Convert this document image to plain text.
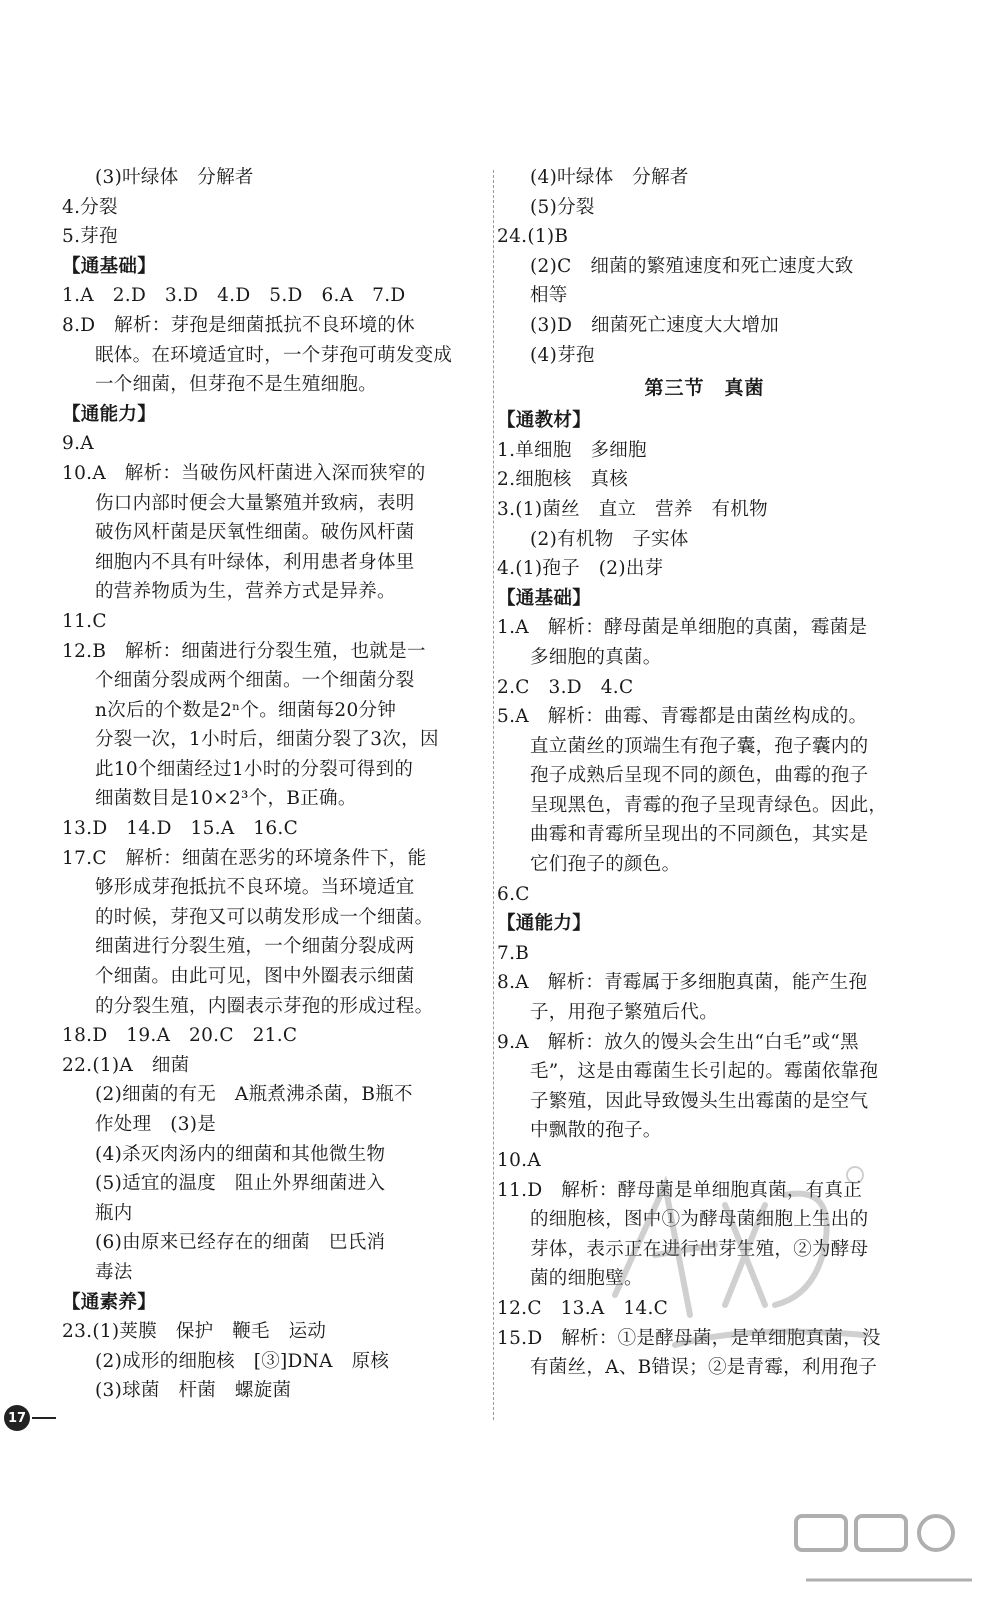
(3)叶绿体　分解者
4.分裂
5.芽孢
【通基础】
1.A　2.D　3.D　4.D　5.D　6.A　7.D
8.D　解析：芽孢是细菌抵抗不良环境的休
眠体。在环境适宜时，一个芽孢可萌发变成
一个细菌，但芽孢不是生殖细胞。
【通能力】
9.A
10.A　解析：当破伤风杆菌进入深而狭窄的
伤口内部时便会大量繁殖并致病，表明
破伤风杆菌是厌氧性细菌。破伤风杆菌
细胞内不具有叶绿体，利用患者身体里
的营养物质为生，营养方式是异养。
11.C
12.B　解析：细菌进行分裂生殖，也就是一
个细菌分裂成两个细菌。一个细菌分裂
n次后的个数是2ⁿ个。细菌每20分钟
分裂一次，1小时后，细菌分裂了3次，因
此10个细菌经过1小时的分裂可得到的
细菌数目是10×2³个，B正确。
13.D　14.D　15.A　16.C
17.C　解析：细菌在恶劣的环境条件下，能
够形成芽孢抵抗不良环境。当环境适宜
的时候，芽孢又可以萌发形成一个细菌。
细菌进行分裂生殖，一个细菌分裂成两
个细菌。由此可见，图中外圈表示细菌
的分裂生殖，内圈表示芽孢的形成过程。
18.D　19.A　20.C　21.C
22.(1)A　细菌
(2)细菌的有无　A瓶煮沸杀菌，B瓶不
作处理　(3)是
(4)杀灭肉汤内的细菌和其他微生物
(5)适宜的温度　阻止外界细菌进入
瓶内
(6)由原来已经存在的细菌　巴氏消
毒法
【通素养】
23.(1)荚膜　保护　鞭毛　运动
(2)成形的细胞核　[③]DNA　原核
(3)球菌　杆菌　螺旋菌
(4)叶绿体　分解者
(5)分裂
24.(1)B
(2)C　细菌的繁殖速度和死亡速度大致
相等
(3)D　细菌死亡速度大大增加
(4)芽孢
第三节　真菌
【通教材】
1.单细胞　多细胞
2.细胞核　真核
3.(1)菌丝　直立　营养　有机物
(2)有机物　子实体
4.(1)孢子　(2)出芽
【通基础】
1.A　解析：酵母菌是单细胞的真菌，霉菌是
多细胞的真菌。
2.C　3.D　4.C
5.A　解析：曲霉、青霉都是由菌丝构成的。
直立菌丝的顶端生有孢子囊，孢子囊内的
孢子成熟后呈现不同的颜色，曲霉的孢子
呈现黑色，青霉的孢子呈现青绿色。因此，
曲霉和青霉所呈现出的不同颜色，其实是
它们孢子的颜色。
6.C
【通能力】
7.B
8.A　解析：青霉属于多细胞真菌，能产生孢
子，用孢子繁殖后代。
9.A　解析：放久的馒头会生出“白毛”或“黑
毛”，这是由霉菌生长引起的。霉菌依靠孢
子繁殖，因此导致馒头生出霉菌的是空气
中飘散的孢子。
10.A
11.D　解析：酵母菌是单细胞真菌，有真正
的细胞核，图中①为酵母菌细胞上生出的
芽体，表示正在进行出芽生殖，②为酵母
菌的细胞壁。
12.C　13.A　14.C
15.D　解析：①是酵母菌，是单细胞真菌，没
有菌丝，A、B错误；②是青霉，利用孢子
17
